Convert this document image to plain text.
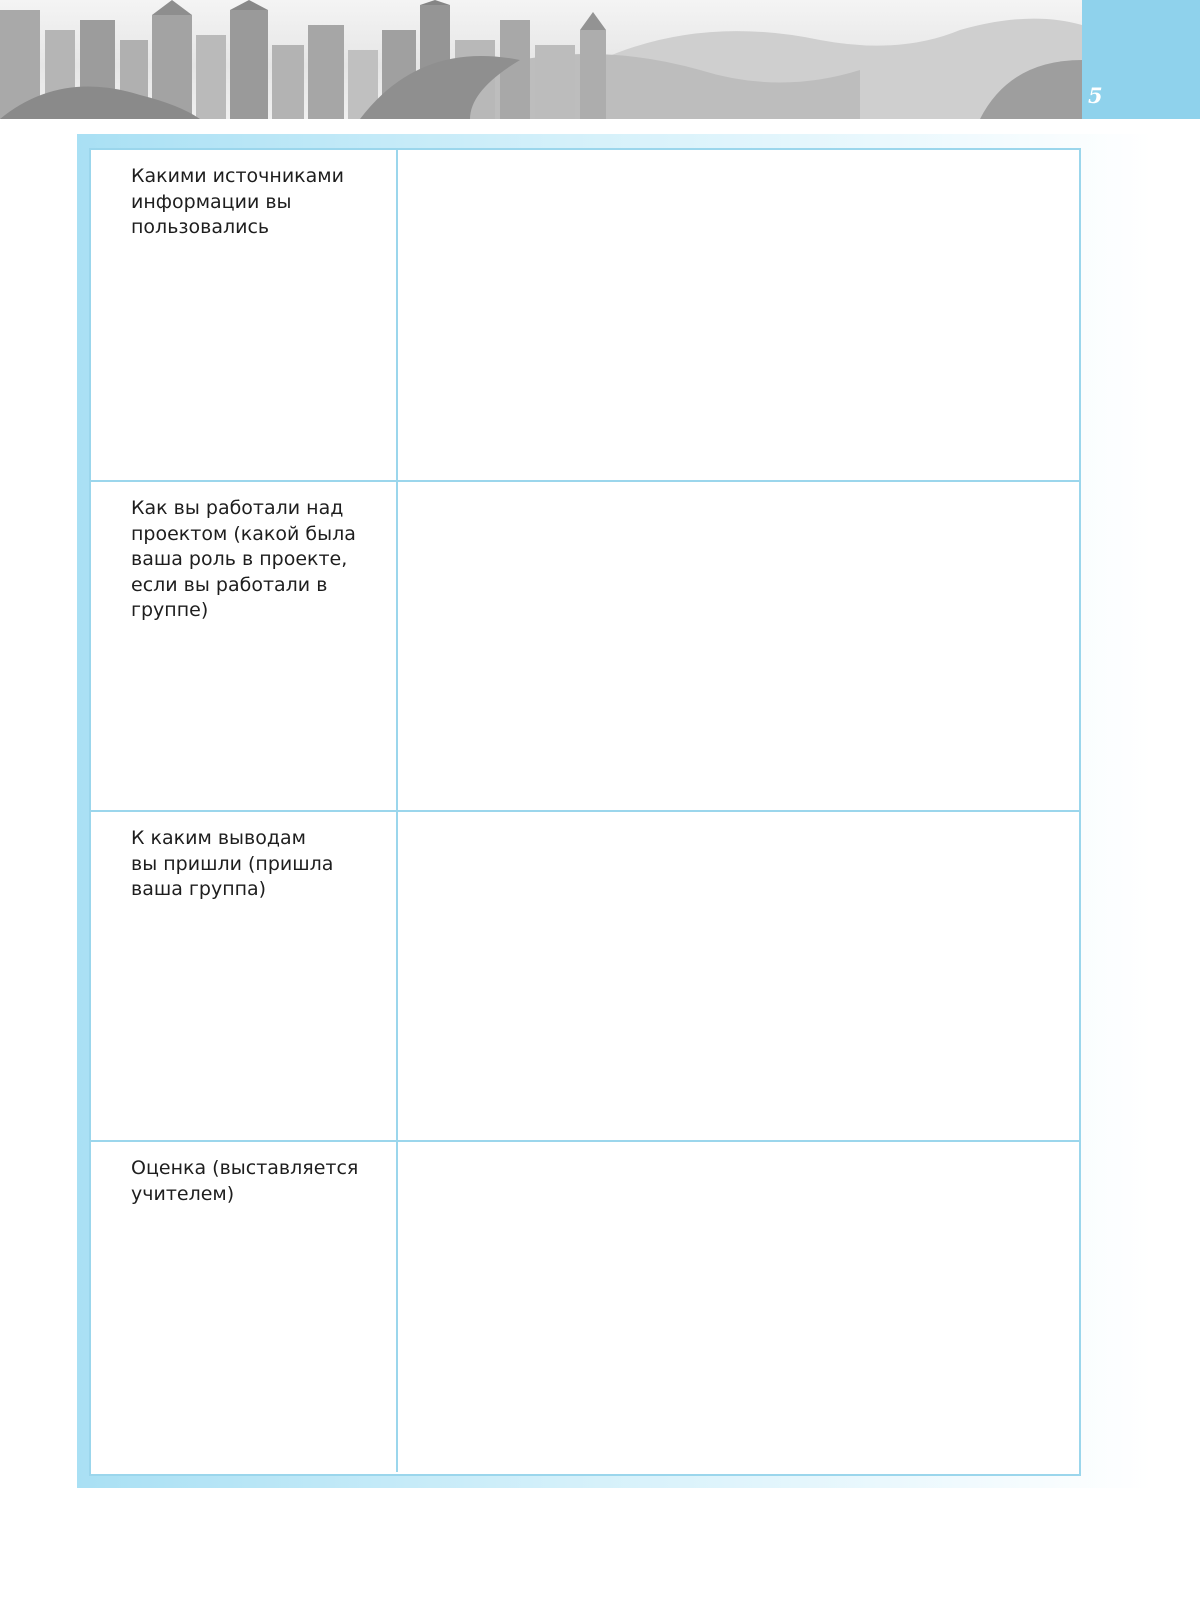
5
Какими источниками
информации вы
пользовались
Как вы работали над
проектом (какой была
ваша роль в проекте,
если вы работали в
группе)
К каким выводам
вы пришли (пришла
ваша группа)
Оценка (выставляется
учителем)
